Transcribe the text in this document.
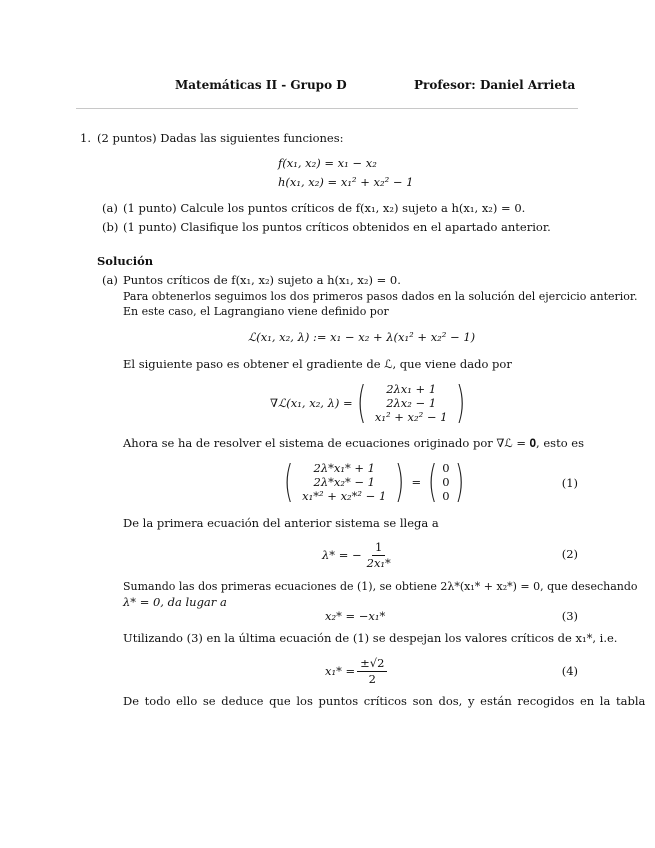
Matemáticas II - Grupo D	Profesor: Daniel Arrieta
1. (2 puntos) Dadas las siguientes funciones:
f(x₁, x₂) = x₁ − x₂
h(x₁, x₂) = x₁² + x₂² − 1
(a) (1 punto) Calcule los puntos críticos de f(x₁, x₂) sujeto a h(x₁, x₂) = 0.
(b) (1 punto) Clasifique los puntos críticos obtenidos en el apartado anterior.
Solución
(a) Puntos críticos de f(x₁, x₂) sujeto a h(x₁, x₂) = 0.
Para obtenerlos seguimos los dos primeros pasos dados en la solución del ejercicio anterior.
En este caso, el Lagrangiano viene definido por
ℒ(x₁, x₂, λ) := x₁ − x₂ + λ(x₁² + x₂² − 1)
El siguiente paso es obtener el gradiente de ℒ, que viene dado por
∇ℒ(x₁, x₂, λ) = ( 2λx₁ + 1
2λx₂ − 1
x₁² + x₂² − 1 )
Ahora se ha de resolver el sistema de ecuaciones originado por ∇ℒ = 𝟎, esto es
( 2λ*x₁* + 1
2λ*x₂* − 1
x₁*² + x₂*² − 1 ) = ( 0
0
0 )	(1)
De la primera ecuación del anterior sistema se llega a
λ* = − $\frac{1}{\text{2x₁*}}$	(2)
Sumando las dos primeras ecuaciones de (1), se obtiene 2λ*(x₁* + x₂*) = 0, que desechando
λ* = 0, da lugar a
x₂* = −x₁*	(3)
Utilizando (3) en la última ecuación de (1) se despejan los valores críticos de x₁*, i.e.
$x_1* = \frac{\pm√2}{2}$	(4)
De todo ello se deduce que los puntos críticos son dos, y están recogidos en la tabla
